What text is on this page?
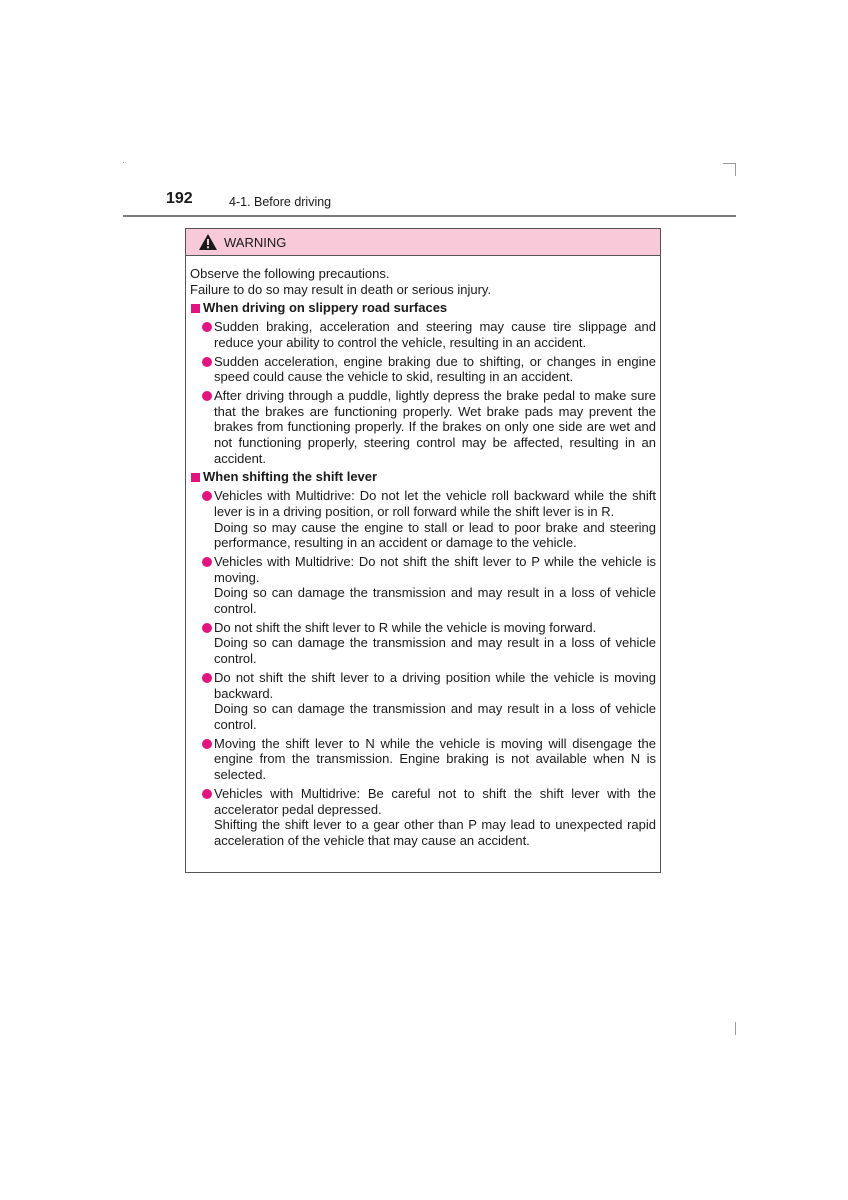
192	4-1. Before driving
WARNING

Observe the following precautions.

Failure to do so may result in death or serious injury.

When driving on slippery road surfaces

Sudden braking, acceleration and steering may cause tire slippage and reduce your ability to control the vehicle, resulting in an accident.

Sudden acceleration, engine braking due to shifting, or changes in engine speed could cause the vehicle to skid, resulting in an accident.

After driving through a puddle, lightly depress the brake pedal to make sure that the brakes are functioning properly. Wet brake pads may prevent the brakes from functioning properly. If the brakes on only one side are wet and not functioning properly, steering control may be affected, resulting in an accident.

When shifting the shift lever

Vehicles with Multidrive: Do not let the vehicle roll backward while the shift lever is in a driving position, or roll forward while the shift lever is in R.

Doing so may cause the engine to stall or lead to poor brake and steering performance, resulting in an accident or damage to the vehicle.

Vehicles with Multidrive: Do not shift the shift lever to P while the vehicle is moving.

Doing so can damage the transmission and may result in a loss of vehicle control.

Do not shift the shift lever to R while the vehicle is moving forward.

Doing so can damage the transmission and may result in a loss of vehicle control.

Do not shift the shift lever to a driving position while the vehicle is moving backward.

Doing so can damage the transmission and may result in a loss of vehicle control.

Moving the shift lever to N while the vehicle is moving will disengage the engine from the transmission. Engine braking is not available when N is selected.

Vehicles with Multidrive: Be careful not to shift the shift lever with the accelerator pedal depressed.

Shifting the shift lever to a gear other than P may lead to unexpected rapid acceleration of the vehicle that may cause an accident.
